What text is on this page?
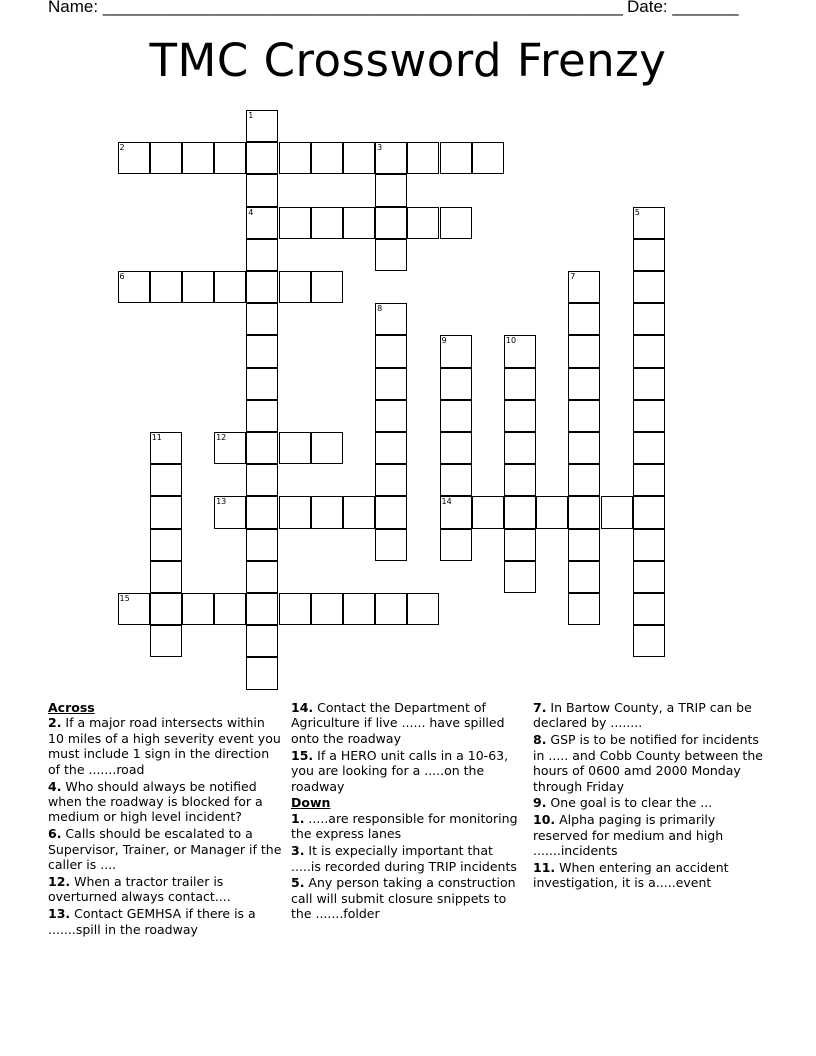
Name: _______________________________________________________ Date: _______
TMC Crossword Frenzy
1
4
2	3
5
6	7
8
9
14
10
11	12
13
15
Across
2. If a major road intersects within 10 miles of a high severity event you must include 1 sign in the direction of the .......road
4. Who should always be notified when the roadway is blocked for a medium or high level incident?
6. Calls should be escalated to a Supervisor, Trainer, or Manager if the caller is ....
12. When a tractor trailer is overturned always contact....
13. Contact GEMHSA if there is a .......spill in the roadway
14. Contact the Department of Agriculture if live ...... have spilled onto the roadway
15. If a HERO unit calls in a 10-63, you are looking for a .....on the roadway
Down
1. .....are responsible for monitoring the express lanes
3. It is expecially important that .....is recorded during TRIP incidents
5. Any person taking a construction call will submit closure snippets to the .......folder
7. In Bartow County, a TRIP can be declared by ........
8. GSP is to be notified for incidents in ..... and Cobb County between the hours of 0600 amd 2000 Monday through Friday
9. One goal is to clear the ...
10. Alpha paging is primarily reserved for medium and high .......incidents
11. When entering an accident investigation, it is a.....event
